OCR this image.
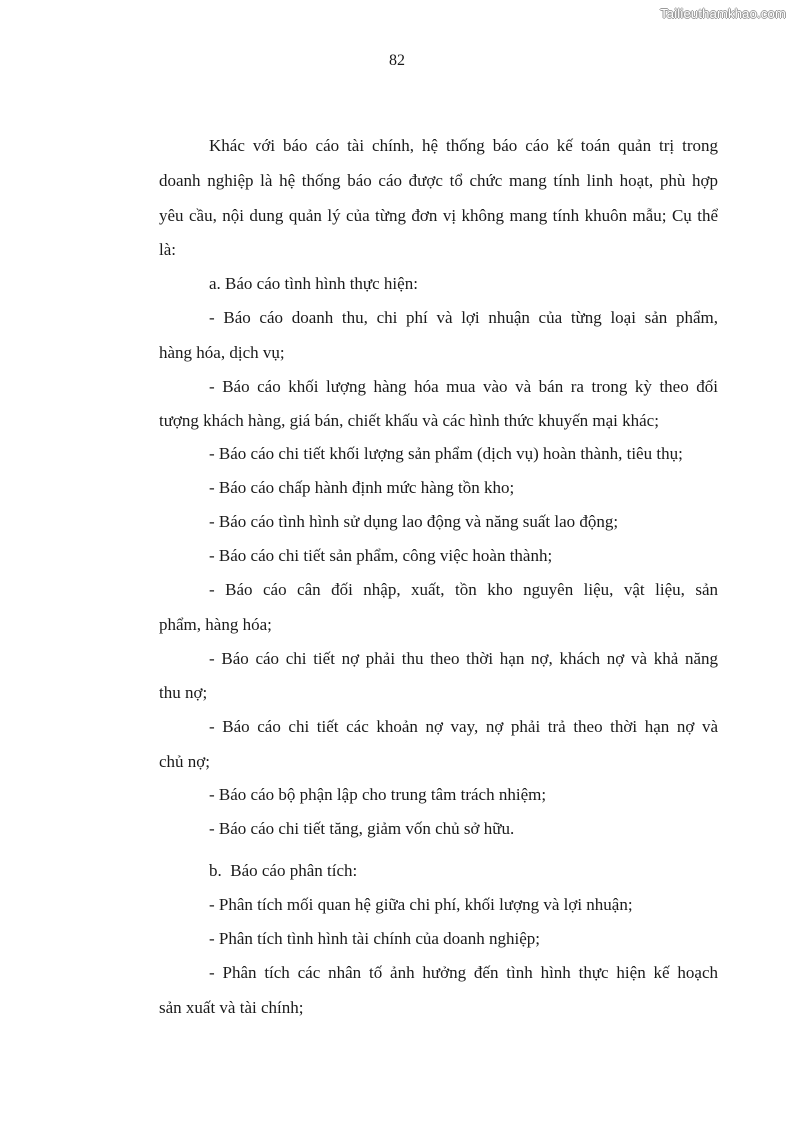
Tailieuthamkhao.com
82
Khác với báo cáo tài chính, hệ thống báo cáo kế toán quản trị trong
doanh nghiệp là hệ thống báo cáo được tổ chức mang tính linh hoạt, phù hợp
yêu cầu, nội dung quản lý của từng đơn vị không mang tính khuôn mẫu; Cụ thể
là:
a. Báo cáo tình hình thực hiện:
- Báo cáo doanh thu, chi phí và lợi nhuận của từng loại sản phẩm,
hàng hóa, dịch vụ;
- Báo cáo khối lượng hàng hóa mua vào và bán ra trong kỳ theo đối
tượng khách hàng, giá bán, chiết khấu và các hình thức khuyến mại khác;
- Báo cáo chi tiết khối lượng sản phẩm (dịch vụ) hoàn thành, tiêu thụ;
- Báo cáo chấp hành định mức hàng tồn kho;
- Báo cáo tình hình sử dụng lao động và năng suất lao động;
- Báo cáo chi tiết sản phẩm, công việc hoàn thành;
- Báo cáo cân đối nhập, xuất, tồn kho nguyên liệu, vật liệu, sản
phẩm, hàng hóa;
- Báo cáo chi tiết nợ phải thu theo thời hạn nợ, khách nợ và khả năng
thu nợ;
- Báo cáo chi tiết các khoản nợ vay, nợ phải trả theo thời hạn nợ và
chủ nợ;
- Báo cáo bộ phận lập cho trung tâm trách nhiệm;
- Báo cáo chi tiết tăng, giảm vốn chủ sở hữu.
b.  Báo cáo phân tích:
- Phân tích mối quan hệ giữa chi phí, khối lượng và lợi nhuận;
- Phân tích tình hình tài chính của doanh nghiệp;
- Phân tích các nhân tố ảnh hưởng đến tình hình thực hiện kế hoạch
sản xuất và tài chính;
